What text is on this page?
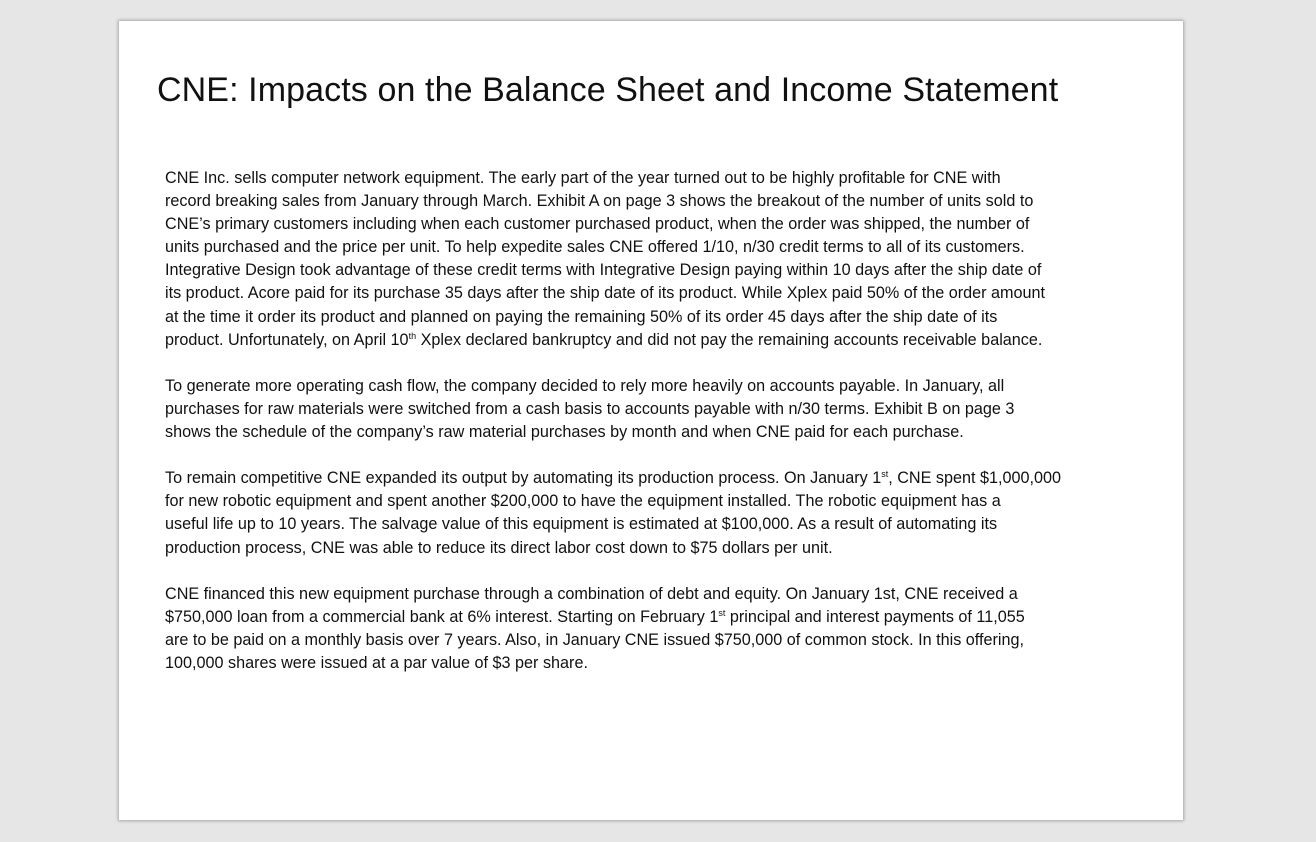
CNE: Impacts on the Balance Sheet and Income Statement
CNE Inc. sells computer network equipment. The early part of the year turned out to be highly profitable for CNE with
record breaking sales from January through March. Exhibit A on page 3 shows the breakout of the number of units sold to
CNE’s primary customers including when each customer purchased product, when the order was shipped, the number of
units purchased and the price per unit. To help expedite sales CNE offered 1/10, n/30 credit terms to all of its customers.
Integrative Design took advantage of these credit terms with Integrative Design paying within 10 days after the ship date of
its product. Acore paid for its purchase 35 days after the ship date of its product. While Xplex paid 50% of the order amount
at the time it order its product and planned on paying the remaining 50% of its order 45 days after the ship date of its
product. Unfortunately, on April 10th Xplex declared bankruptcy and did not pay the remaining accounts receivable balance.
To generate more operating cash flow, the company decided to rely more heavily on accounts payable. In January, all
purchases for raw materials were switched from a cash basis to accounts payable with n/30 terms. Exhibit B on page 3
shows the schedule of the company’s raw material purchases by month and when CNE paid for each purchase.
To remain competitive CNE expanded its output by automating its production process. On January 1st, CNE spent $1,000,000
for new robotic equipment and spent another $200,000 to have the equipment installed. The robotic equipment has a
useful life up to 10 years. The salvage value of this equipment is estimated at $100,000. As a result of automating its
production process, CNE was able to reduce its direct labor cost down to $75 dollars per unit.
CNE financed this new equipment purchase through a combination of debt and equity. On January 1st, CNE received a
$750,000 loan from a commercial bank at 6% interest. Starting on February 1st principal and interest payments of 11,055
are to be paid on a monthly basis over 7 years. Also, in January CNE issued $750,000 of common stock. In this offering,
100,000 shares were issued at a par value of $3 per share.
